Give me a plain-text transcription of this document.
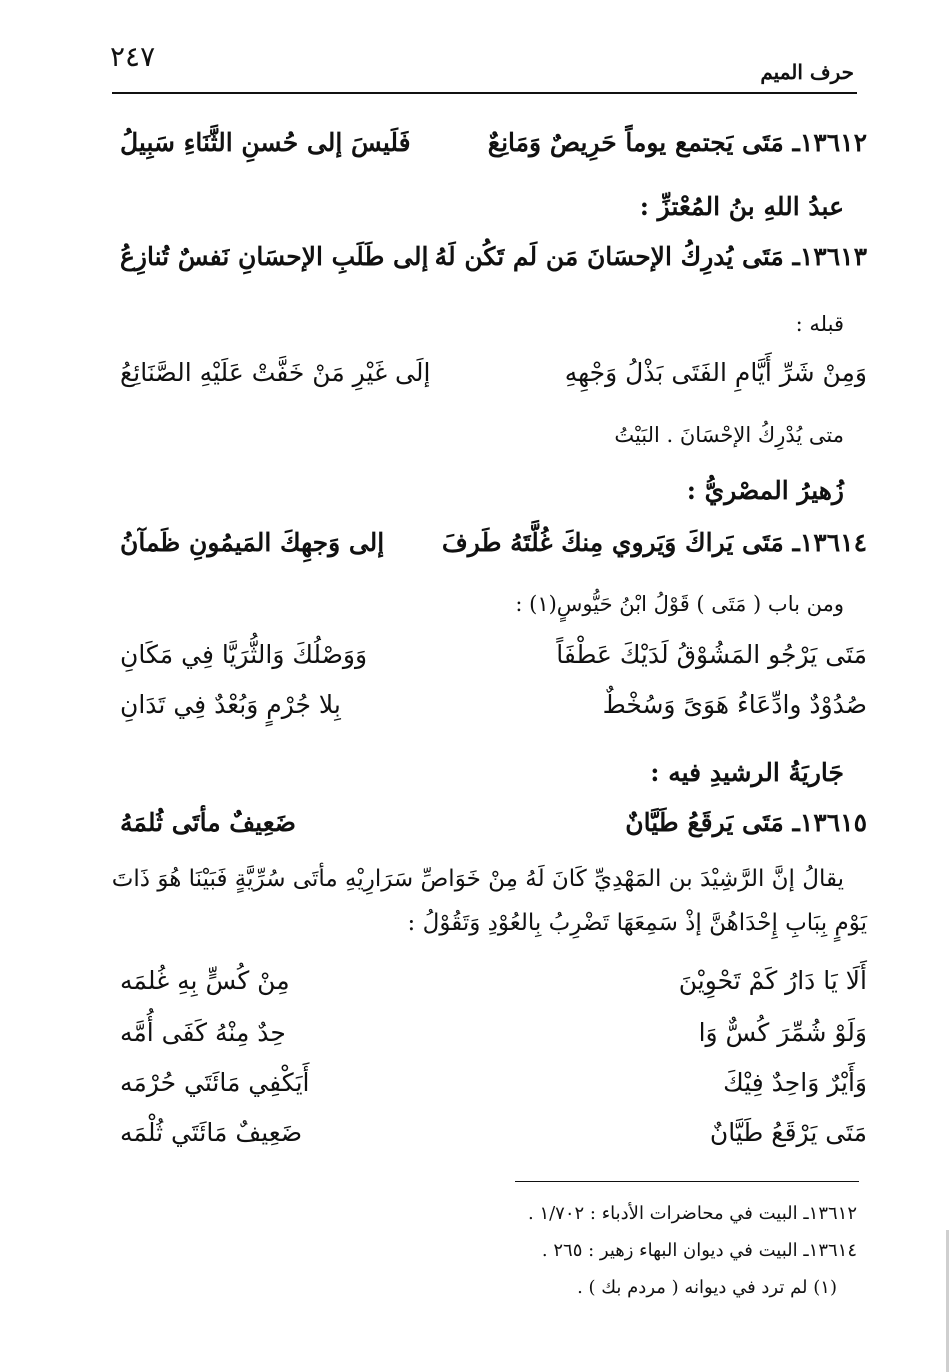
٢٤٧	حرف الميم
١٣٦١٢ـ مَتَى يَجتمع يوماً حَرِيصٌ وَمَانِعٌ
فَلَيسَ إلى حُسنِ الثَّنَاءِ سَبِيلُ
عبدُ اللهِ بنُ المُعْتزِّ :
١٣٦١٣ـ مَتَى يُدرِكُ الإحسَانَ مَن لَم تَكُن لَهُ
إلى طَلَبِ الإحسَانِ نَفسٌ تُنازِعُ
قبله :
وَمِنْ شَرِّ أَيَّامِ الفَتَى بَذْلُ وَجْهِهِ
إلَى غَيْرِ مَنْ خَفَّتْ عَلَيْهِ الصَّنَائِعُ
متى يُدْرِكُ الإحْسَانَ . البَيْتُ
زُهيرُ المصْريُّ :
١٣٦١٤ـ مَتَى يَراكَ وَيَروي مِنكَ غُلَّتَهُ طَرفَ
إلى وَجهِكَ المَيمُونِ ظَمآنُ
ومن باب ( مَتَى ) قَوْلُ ابْنُ حَيُّوسٍ(١) :
مَتَى يَرْجُو المَشُوْقُ لَدَيْكَ عَطْفَاً
وَوَصْلُكَ وَالثُّرَيَّا فِي مَكَانِ
صُدُوْدٌ وادِّعَاءُ هَوَىً وَسُخْطٌ
بِلا جُرْمٍ وَبُعْدٌ فِي تَدَانِ
جَاريَةُ الرشيدِ فيه :
١٣٦١٥ـ مَتَى يَرقَعُ طَيَّانٌ
ضَعِيفٌ مأتَى ثُلمَهُ
يقالُ إنَّ الرَّشِيْدَ بن المَهْدِيِّ كَانَ لَهُ مِنْ خَوَاصِّ سَرَارِيْهِ مأتَى سُرِّيَّةٍ فَبَيْنَا هُوَ ذَاتَ
يَوْمٍ بِبَابِ إِحْدَاهُنَّ إذْ سَمِعَهَا تَضْرِبُ بِالعُوْدِ وَتَقُوْلُ :
أَلَا يَا دَارُ كَمْ تَحْوِيْنَ
مِنْ كُسٍّ بِهِ غُلمَه
وَلَوْ شُمِّرَ كُسٌّ وَا
حِدٌ مِنْهُ كَفَى أُمَّه
وَأَيْرٌ وَاحِدٌ فِيْكَ
أَيَكْفِي مَائَتَي حُرْمَه
مَتَى يَرْقَعُ طَيَّانٌ
ضَعِيفٌ مَائَتَي ثُلْمَه
١٣٦١٢ـ البيت في محاضرات الأدباء : ١/٧٠٢ .
١٣٦١٤ـ البيت في ديوان البهاء زهير : ٢٦٥ .
(١) لم ترد في ديوانه ( مردم بك ) .
